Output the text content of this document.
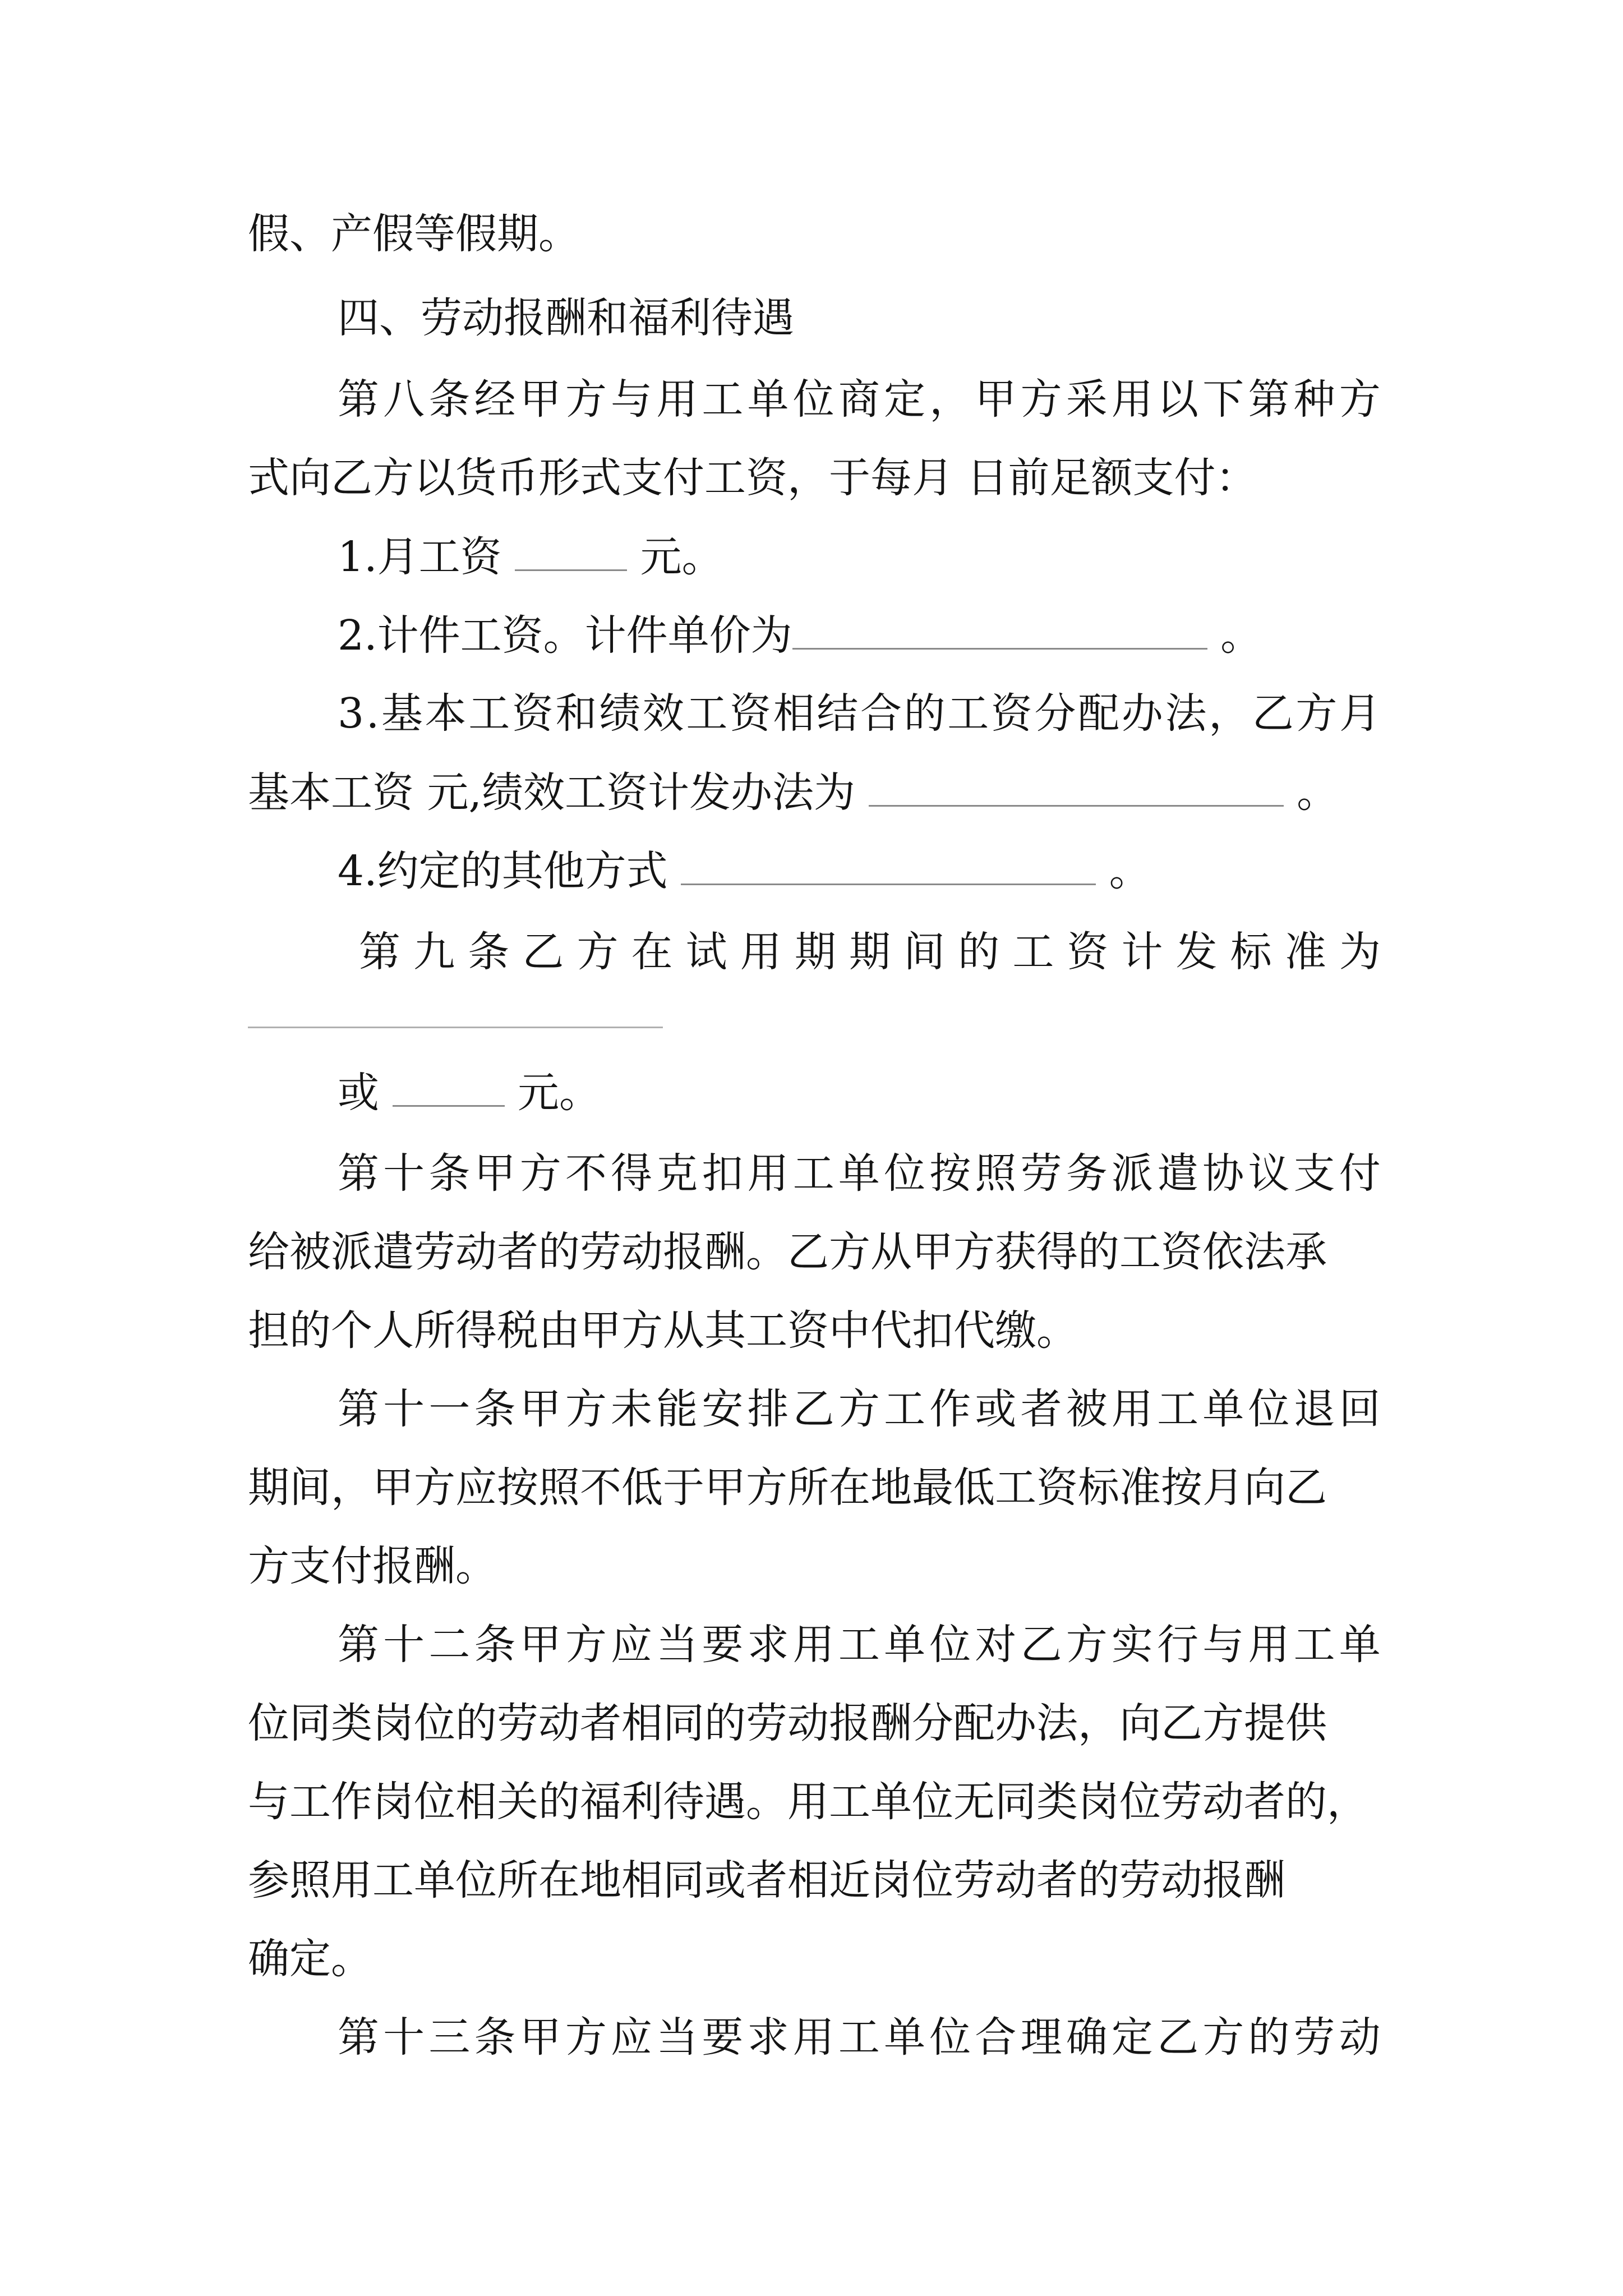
假、产假等假期。

四、劳动报酬和福利待遇

第 八 条 经 甲 方 与 用 工 单 位 商 定 ， 甲 方 采 用 以 下 第 种 方

式向乙方以货币形式支付工资，于每月 日前足额支付：

1.月工资	元。

2.计件工资。计件单价为	。

3 . 基 本 工 资 和 绩 效 工 资 相 结 合 的 工 资 分 配 办 法 ， 乙 方 月

基本工资 元,绩效工资计发办法为	。

4.约定的其他方式	。

第 九 条 乙 方 在 试 用 期 期 间 的 工 资 计 发 标 准 为

或	元。

第 十 条 甲 方 不 得 克 扣 用 工 单 位 按 照 劳 务 派 遣 协 议 支 付

给被派遣劳动者的劳动报酬。乙方从甲方获得的工资依法承

担的个人所得税由甲方从其工资中代扣代缴。

第 十 一 条 甲 方 未 能 安 排 乙 方 工 作 或 者 被 用 工 单 位 退 回

期间，甲方应按照不低于甲方所在地最低工资标准按月向乙

方支付报酬。

第 十 二 条 甲 方 应 当 要 求 用 工 单 位 对 乙 方 实 行 与 用 工 单

位同类岗位的劳动者相同的劳动报酬分配办法，向乙方提供

与工作岗位相关的福利待遇。用工单位无同类岗位劳动者的，

参照用工单位所在地相同或者相近岗位劳动者的劳动报酬

确定。

第 十 三 条 甲 方 应 当 要 求 用 工 单 位 合 理 确 定 乙 方 的 劳 动
